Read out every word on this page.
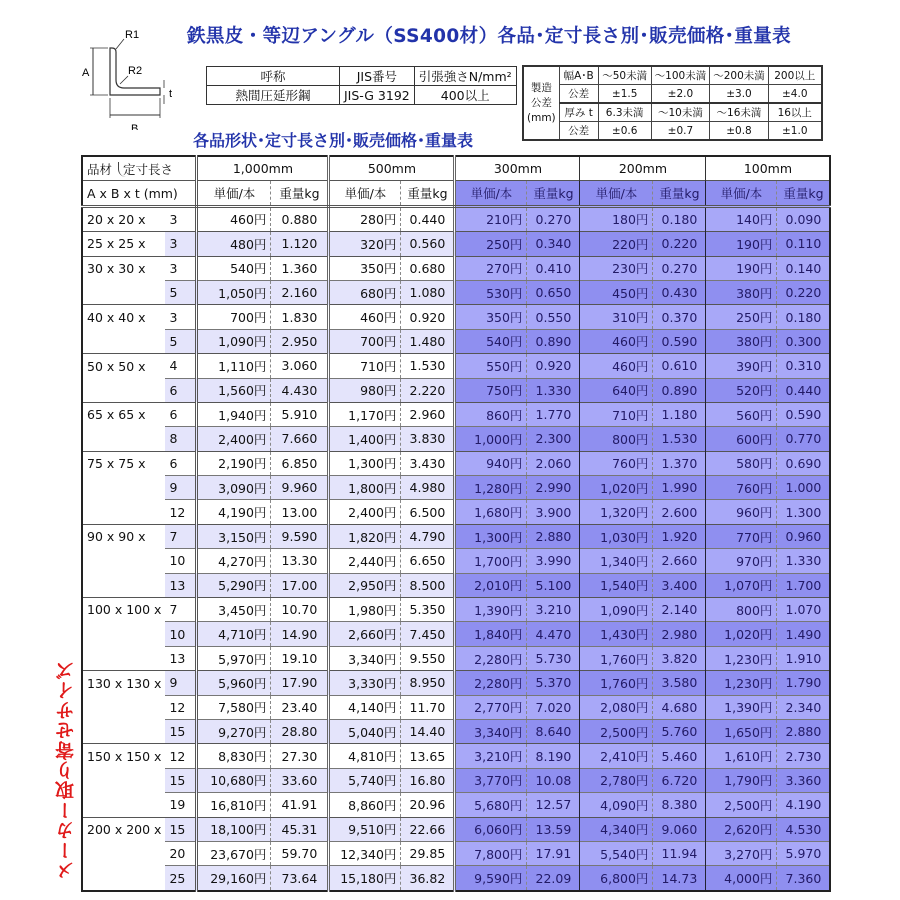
R1
R2
A
B
t
鉄黒皮・等辺アングル（SS400材）各品･定寸長さ別･販売価格･重量表
呼称	JIS番号	引張強さN/mm²
熱間圧延形鋼	JIS-G 3192	400以上
各品形状･定寸長さ別･販売価格･重量表
製造
公差
(mm)	幅A･B	～50未満	～100未満	～200未満	200以上
	公差	±1.5	±2.0	±3.0	±4.0
	厚み t	6.3未満	～10未満	～16未満	16以上
	公差	±0.6	±0.7	±0.8	±1.0
品材 定寸長さ		1,000mm		500mm		300mm		200mm		100mm	
A x B x t (mm)		単価/本	重量kg	単価/本	重量kg	単価/本	重量kg	単価/本	重量kg	単価/本	重量kg
20 x 20 x	3	460円	0.880	280円	0.440	210円	0.270	180円	0.180	140円	0.090
25 x 25 x	3	480円	1.120	320円	0.560	250円	0.340	220円	0.220	190円	0.110
30 x 30 x	3	540円	1.360	350円	0.680	270円	0.410	230円	0.270	190円	0.140
	5	1,050円	2.160	680円	1.080	530円	0.650	450円	0.430	380円	0.220
40 x 40 x	3	700円	1.830	460円	0.920	350円	0.550	310円	0.370	250円	0.180
	5	1,090円	2.950	700円	1.480	540円	0.890	460円	0.590	380円	0.300
50 x 50 x	4	1,110円	3.060	710円	1.530	550円	0.920	460円	0.610	390円	0.310
	6	1,560円	4.430	980円	2.220	750円	1.330	640円	0.890	520円	0.440
65 x 65 x	6	1,940円	5.910	1,170円	2.960	860円	1.770	710円	1.180	560円	0.590
	8	2,400円	7.660	1,400円	3.830	1,000円	2.300	800円	1.530	600円	0.770
75 x 75 x	6	2,190円	6.850	1,300円	3.430	940円	2.060	760円	1.370	580円	0.690
	9	3,090円	9.960	1,800円	4.980	1,280円	2.990	1,020円	1.990	760円	1.000
	12	4,190円	13.00	2,400円	6.500	1,680円	3.900	1,320円	2.600	960円	1.300
90 x 90 x	7	3,150円	9.590	1,820円	4.790	1,300円	2.880	1,030円	1.920	770円	0.960
	10	4,270円	13.30	2,440円	6.650	1,700円	3.990	1,340円	2.660	970円	1.330
	13	5,290円	17.00	2,950円	8.500	2,010円	5.100	1,540円	3.400	1,070円	1.700
100 x 100 x	7	3,450円	10.70	1,980円	5.350	1,390円	3.210	1,090円	2.140	800円	1.070
	10	4,710円	14.90	2,660円	7.450	1,840円	4.470	1,430円	2.980	1,020円	1.490
	13	5,970円	19.10	3,340円	9.550	2,280円	5.730	1,760円	3.820	1,230円	1.910
130 x 130 x	9	5,960円	17.90	3,330円	8.950	2,280円	5.370	1,760円	3.580	1,230円	1.790
	12	7,580円	23.40	4,140円	11.70	2,770円	7.020	2,080円	4.680	1,390円	2.340
	15	9,270円	28.80	5,040円	14.40	3,340円	8.640	2,500円	5.760	1,650円	2.880
150 x 150 x	12	8,830円	27.30	4,810円	13.65	3,210円	8.190	2,410円	5.460	1,610円	2.730
	15	10,680円	33.60	5,740円	16.80	3,770円	10.08	2,780円	6.720	1,790円	3.360
	19	16,810円	41.91	8,860円	20.96	5,680円	12.57	4,090円	8.380	2,500円	4.190
200 x 200 x	15	18,100円	45.31	9,510円	22.66	6,060円	13.59	4,340円	9.060	2,620円	4.530
	20	23,670円	59.70	12,340円	29.85	7,800円	17.91	5,540円	11.94	3,270円	5.970
	25	29,160円	73.64	15,180円	36.82	9,590円	22.09	6,800円	14.73	4,000円	7.360
メーカー取り寄せサイズ
